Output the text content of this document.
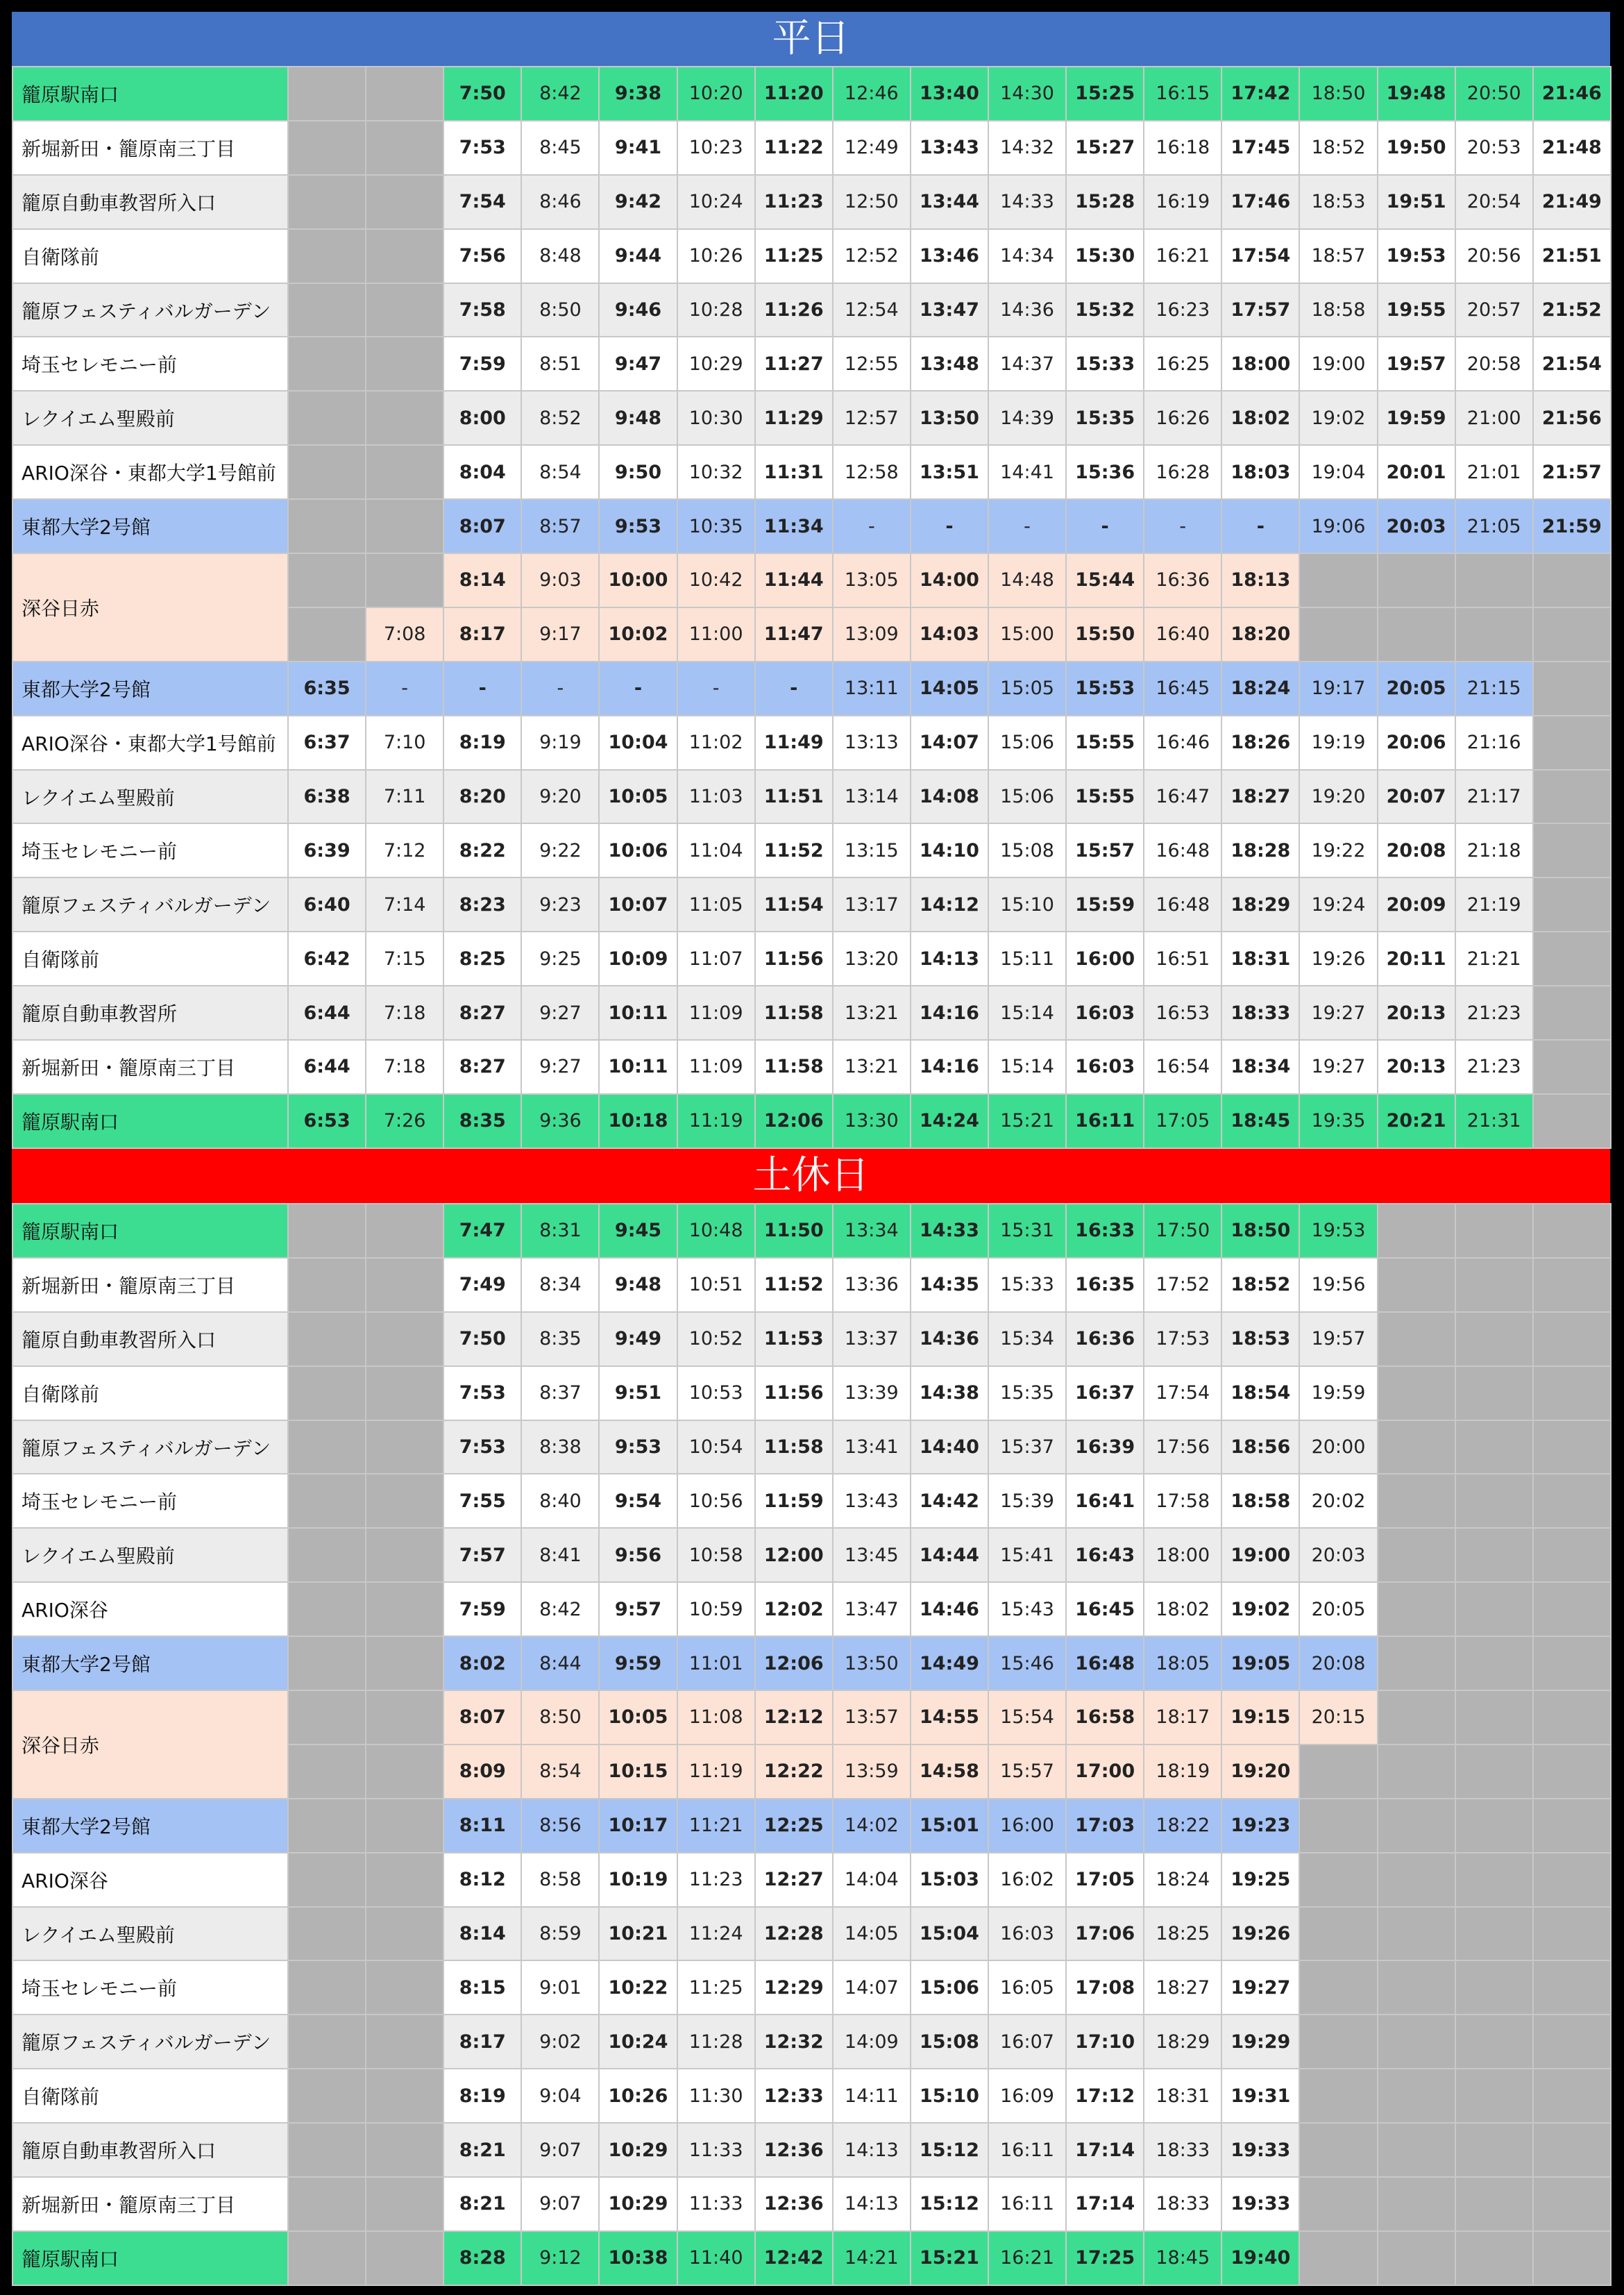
平日
籠原駅南口			7:50	8:42	9:38	10:20	11:20	12:46	13:40	14:30	15:25	16:15	17:42	18:50	19:48	20:50	21:46
新堀新田・籠原南三丁目			7:53	8:45	9:41	10:23	11:22	12:49	13:43	14:32	15:27	16:18	17:45	18:52	19:50	20:53	21:48
籠原自動車教習所入口			7:54	8:46	9:42	10:24	11:23	12:50	13:44	14:33	15:28	16:19	17:46	18:53	19:51	20:54	21:49
自衛隊前			7:56	8:48	9:44	10:26	11:25	12:52	13:46	14:34	15:30	16:21	17:54	18:57	19:53	20:56	21:51
籠原フェスティバルガーデン			7:58	8:50	9:46	10:28	11:26	12:54	13:47	14:36	15:32	16:23	17:57	18:58	19:55	20:57	21:52
埼玉セレモニー前			7:59	8:51	9:47	10:29	11:27	12:55	13:48	14:37	15:33	16:25	18:00	19:00	19:57	20:58	21:54
レクイエム聖殿前			8:00	8:52	9:48	10:30	11:29	12:57	13:50	14:39	15:35	16:26	18:02	19:02	19:59	21:00	21:56
ARIO深谷・東都大学1号館前			8:04	8:54	9:50	10:32	11:31	12:58	13:51	14:41	15:36	16:28	18:03	19:04	20:01	21:01	21:57
東都大学2号館			8:07	8:57	9:53	10:35	11:34	-	-	-	-	-	-	19:06	20:03	21:05	21:59
深谷日赤			8:14	9:03	10:00	10:42	11:44	13:05	14:00	14:48	15:44	16:36	18:13				
		7:08	8:17	9:17	10:02	11:00	11:47	13:09	14:03	15:00	15:50	16:40	18:20				
東都大学2号館	6:35	-	-	-	-	-	-	13:11	14:05	15:05	15:53	16:45	18:24	19:17	20:05	21:15	
ARIO深谷・東都大学1号館前	6:37	7:10	8:19	9:19	10:04	11:02	11:49	13:13	14:07	15:06	15:55	16:46	18:26	19:19	20:06	21:16	
レクイエム聖殿前	6:38	7:11	8:20	9:20	10:05	11:03	11:51	13:14	14:08	15:06	15:55	16:47	18:27	19:20	20:07	21:17	
埼玉セレモニー前	6:39	7:12	8:22	9:22	10:06	11:04	11:52	13:15	14:10	15:08	15:57	16:48	18:28	19:22	20:08	21:18	
籠原フェスティバルガーデン	6:40	7:14	8:23	9:23	10:07	11:05	11:54	13:17	14:12	15:10	15:59	16:48	18:29	19:24	20:09	21:19	
自衛隊前	6:42	7:15	8:25	9:25	10:09	11:07	11:56	13:20	14:13	15:11	16:00	16:51	18:31	19:26	20:11	21:21	
籠原自動車教習所	6:44	7:18	8:27	9:27	10:11	11:09	11:58	13:21	14:16	15:14	16:03	16:53	18:33	19:27	20:13	21:23	
新堀新田・籠原南三丁目	6:44	7:18	8:27	9:27	10:11	11:09	11:58	13:21	14:16	15:14	16:03	16:54	18:34	19:27	20:13	21:23	
籠原駅南口	6:53	7:26	8:35	9:36	10:18	11:19	12:06	13:30	14:24	15:21	16:11	17:05	18:45	19:35	20:21	21:31	
土休日
籠原駅南口			7:47	8:31	9:45	10:48	11:50	13:34	14:33	15:31	16:33	17:50	18:50	19:53			
新堀新田・籠原南三丁目			7:49	8:34	9:48	10:51	11:52	13:36	14:35	15:33	16:35	17:52	18:52	19:56			
籠原自動車教習所入口			7:50	8:35	9:49	10:52	11:53	13:37	14:36	15:34	16:36	17:53	18:53	19:57			
自衛隊前			7:53	8:37	9:51	10:53	11:56	13:39	14:38	15:35	16:37	17:54	18:54	19:59			
籠原フェスティバルガーデン			7:53	8:38	9:53	10:54	11:58	13:41	14:40	15:37	16:39	17:56	18:56	20:00			
埼玉セレモニー前			7:55	8:40	9:54	10:56	11:59	13:43	14:42	15:39	16:41	17:58	18:58	20:02			
レクイエム聖殿前			7:57	8:41	9:56	10:58	12:00	13:45	14:44	15:41	16:43	18:00	19:00	20:03			
ARIO深谷			7:59	8:42	9:57	10:59	12:02	13:47	14:46	15:43	16:45	18:02	19:02	20:05			
東都大学2号館			8:02	8:44	9:59	11:01	12:06	13:50	14:49	15:46	16:48	18:05	19:05	20:08			
深谷日赤			8:07	8:50	10:05	11:08	12:12	13:57	14:55	15:54	16:58	18:17	19:15	20:15			
			8:09	8:54	10:15	11:19	12:22	13:59	14:58	15:57	17:00	18:19	19:20				
東都大学2号館			8:11	8:56	10:17	11:21	12:25	14:02	15:01	16:00	17:03	18:22	19:23				
ARIO深谷			8:12	8:58	10:19	11:23	12:27	14:04	15:03	16:02	17:05	18:24	19:25				
レクイエム聖殿前			8:14	8:59	10:21	11:24	12:28	14:05	15:04	16:03	17:06	18:25	19:26				
埼玉セレモニー前			8:15	9:01	10:22	11:25	12:29	14:07	15:06	16:05	17:08	18:27	19:27				
籠原フェスティバルガーデン			8:17	9:02	10:24	11:28	12:32	14:09	15:08	16:07	17:10	18:29	19:29				
自衛隊前			8:19	9:04	10:26	11:30	12:33	14:11	15:10	16:09	17:12	18:31	19:31				
籠原自動車教習所入口			8:21	9:07	10:29	11:33	12:36	14:13	15:12	16:11	17:14	18:33	19:33				
新堀新田・籠原南三丁目			8:21	9:07	10:29	11:33	12:36	14:13	15:12	16:11	17:14	18:33	19:33				
籠原駅南口			8:28	9:12	10:38	11:40	12:42	14:21	15:21	16:21	17:25	18:45	19:40				
